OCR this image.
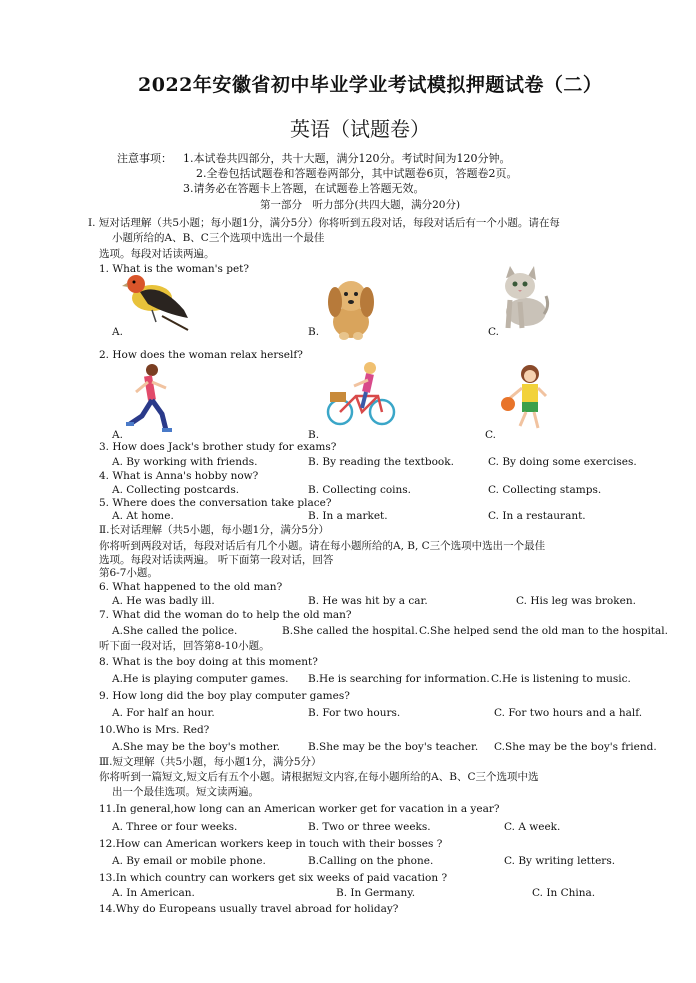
2022年安徽省初中毕业学业考试模拟押题试卷（二）
英语（试题卷）
注意事项： 1.本试卷共四部分，共十大题，满分120分。考试时间为120分钟。
2.全卷包括试题卷和答题卷两部分，其中试题卷6页，答题卷2页。
3.请务必在答题卡上答题，在试题卷上答题无效。
第一部分　听力部分(共四大题，满分20分)
I. 短对话理解（共5小题；每小题1分，满分5分）你将听到五段对话，每段对话后有一个小题。请在每
小题所给的A、B、C三个选项中选出一个最佳
选项。每段对话读两遍。
1. What is the woman's pet?
A.	B.	C.
2. How does the woman relax herself?
A.	B.	C.
3. How does Jack's brother study for exams?
A. By working with friends.	B. By reading the textbook.	C. By doing some exercises.
4. What is Anna's hobby now?
A. Collecting postcards.	B. Collecting coins.	C. Collecting stamps.
5. Where does the conversation take place?
A. At home.	B. In a market.	C. In a restaurant.
Ⅱ.长对话理解（共5小题，每小题1分，满分5分）
你将听到两段对话，每段对话后有几个小题。请在每小题所给的A, B, C三个选项中选出一个最佳
选项。每段对话读两遍。 听下面第一段对话，回答
第6-7小题。
6. What happened to the old man?
A. He was badly ill.	B. He was hit by a car.	C. His leg was broken.
7. What did the woman do to help the old man?
A.She called the police.	B.She called the hospital. C.She helped send the old man to the hospital.
听下面一段对话，回答第8-10小题。
8. What is the boy doing at this moment?
A.He is playing computer games. B.He is searching for information. C.He is listening to music.
9. How long did the boy play computer games?
A. For half an hour.	B. For two hours.	C. For two hours and a half.
10.Who is Mrs. Red?
A.She may be the boy's mother.	B.She may be the boy's teacher. C.She may be the boy's friend.
Ⅲ.短文理解（共5小题，每小题1分，满分5分）
你将听到一篇短文,短文后有五个小题。请根据短文内容,在每小题所给的A、B、C三个选项中选
出一个最佳选项。短文读两遍。
11.In general,how long can an American worker get for vacation in a year?
A. Three or four weeks.	B. Two or three weeks.	C. A week.
12.How can American workers keep in touch with their bosses ?
A. By email or mobile phone.	B.Calling on the phone.	C. By writing letters.
13.In which country can workers get six weeks of paid vacation ?
A. In American.	B. In Germany.	C. In China.
14.Why do Europeans usually travel abroad for holiday?
